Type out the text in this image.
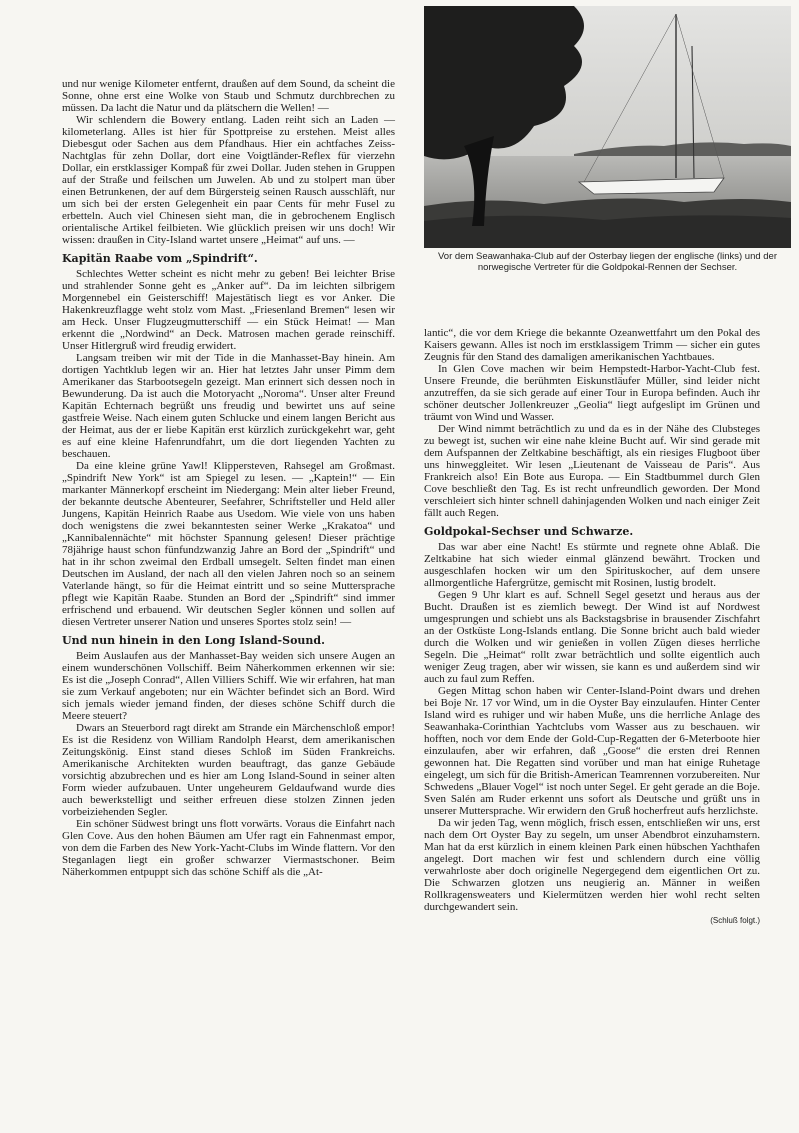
Vor dem Seawanhaka-Club auf der Osterbay liegen der englische (links) und der norwegische Vertreter für die Goldpokal-Rennen der Sechser.

und nur wenige Kilometer entfernt, draußen auf dem Sound, da scheint die Sonne, ohne erst eine Wolke von Staub und Schmutz durchbrechen zu müssen. Da lacht die Natur und da plätschern die Wellen! —

Wir schlendern die Bowery entlang. Laden reiht sich an Laden — kilometerlang. Alles ist hier für Spottpreise zu erstehen. Meist alles Diebesgut oder Sachen aus dem Pfandhaus. Hier ein achtfaches Zeiss-Nachtglas für zehn Dollar, dort eine Voigtländer-Reflex für vierzehn Dollar, ein erstklassiger Kompaß für zwei Dollar. Juden stehen in Gruppen auf der Straße und feilschen um Juwelen. Ab und zu stolpert man über einen Betrunkenen, der auf dem Bürgersteig seinen Rausch ausschläft, nur um sich bei der ersten Gelegenheit ein paar Cents für mehr Fusel zu erbetteln. Auch viel Chinesen sieht man, die in gebrochenem Englisch orientalische Artikel feilbieten. Wie glücklich preisen wir uns doch! Wir wissen: draußen in City-Island wartet unsere „Heimat“ auf uns. —

Kapitän Raabe vom „Spindrift“.

Schlechtes Wetter scheint es nicht mehr zu geben! Bei leichter Brise und strahlender Sonne geht es „Anker auf“. Da im leichten silbrigem Morgennebel ein Geisterschiff! Majestätisch liegt es vor Anker. Die Hakenkreuzflagge weht stolz vom Mast. „Friesenland Bremen“ lesen wir am Heck. Unser Flugzeugmutterschiff — ein Stück Heimat! — Man erkennt die „Nordwind“ an Deck. Matrosen machen gerade reinschiff. Unser Hitlergruß wird freudig erwidert.

Langsam treiben wir mit der Tide in die Manhasset-Bay hinein. Am dortigen Yachtklub legen wir an. Hier hat letztes Jahr unser Pimm dem Amerikaner das Starbootsegeln gezeigt. Man erinnert sich dessen noch in Bewunderung. Da ist auch die Motoryacht „Noroma“. Unser alter Freund Kapitän Echternach begrüßt uns freudig und bewirtet uns auf seine gastfreie Weise. Nach einem guten Schlucke und einem langen Bericht aus der Heimat, aus der er liebe Kapitän erst kürzlich zurückgekehrt war, geht es auf eine kleine Hafenrundfahrt, um die dort liegenden Yachten zu beschauen.

Da eine kleine grüne Yawl! Klippersteven, Rahsegel am Großmast. „Spindrift New York“ ist am Spiegel zu lesen. — „Kaptein!“ — Ein markanter Männerkopf erscheint im Niedergang: Mein alter lieber Freund, der bekannte deutsche Abenteurer, Seefahrer, Schriftsteller und Held aller Jungens, Kapitän Heinrich Raabe aus Usedom. Wie viele von uns haben doch wenigstens die zwei bekanntesten seiner Werke „Krakatoa“ und „Kannibalennächte“ mit höchster Spannung gelesen! Dieser prächtige 78jährige haust schon fünfundzwanzig Jahre an Bord der „Spindrift“ und hat in ihr schon zweimal den Erdball umsegelt. Selten findet man einen Deutschen im Ausland, der nach all den vielen Jahren noch so an seinem Vaterlande hängt, so für die Heimat eintritt und so seine Muttersprache pflegt wie Kapitän Raabe. Stunden an Bord der „Spindrift“ sind immer erfrischend und erbauend. Wir deutschen Segler können und sollen auf diesen Vertreter unserer Nation und unseres Sportes stolz sein! —

Und nun hinein in den Long Island-Sound.

Beim Auslaufen aus der Manhasset-Bay weiden sich unsere Augen an einem wunderschönen Vollschiff. Beim Näherkommen erkennen wir sie: Es ist die „Joseph Conrad“, Allen Villiers Schiff. Wie wir erfahren, hat man sie zum Verkauf angeboten; nur ein Wächter befindet sich an Bord. Wird sich jemals wieder jemand finden, der dieses schöne Schiff durch die Meere steuert?

Dwars an Steuerbord ragt direkt am Strande ein Märchenschloß empor! Es ist die Residenz von William Randolph Hearst, dem amerikanischen Zeitungskönig. Einst stand dieses Schloß im Süden Frankreichs. Amerikanische Architekten wurden beauftragt, das ganze Gebäude vorsichtig abzubrechen und es hier am Long Island-Sound in seiner alten Form wieder aufzubauen. Unter ungeheurem Geldaufwand wurde dies auch bewerkstelligt und seither erfreuen diese stolzen Zinnen jeden vorbeiziehenden Segler.

Ein schöner Südwest bringt uns flott vorwärts. Voraus die Einfahrt nach Glen Cove. Aus den hohen Bäumen am Ufer ragt ein Fahnenmast empor, von dem die Farben des New York-Yacht-Clubs im Winde flattern. Vor den Steganlagen liegt ein großer schwarzer Viermastschoner. Beim Näherkommen entpuppt sich das schöne Schiff als die „At-

lantic“, die vor dem Kriege die bekannte Ozeanwettfahrt um den Pokal des Kaisers gewann. Alles ist noch im erstklassigem Trimm — sicher ein gutes Zeugnis für den Stand des damaligen amerikanischen Yachtbaues.

In Glen Cove machen wir beim Hempstedt-Harbor-Yacht-Club fest. Unsere Freunde, die berühmten Eiskunstläufer Müller, sind leider nicht anzutreffen, da sie sich gerade auf einer Tour in Europa befinden. Auch ihr schöner deutscher Jollenkreuzer „Geolia“ liegt aufgeslipt im Grünen und träumt von Wind und Wasser.

Der Wind nimmt beträchtlich zu und da es in der Nähe des Clubsteges zu bewegt ist, suchen wir eine nahe kleine Bucht auf. Wir sind gerade mit dem Aufspannen der Zeltkabine beschäftigt, als ein riesiges Flugboot über uns hinweggleitet. Wir lesen „Lieutenant de Vaisseau de Paris“. Aus Frankreich also! Ein Bote aus Europa. — Ein Stadtbummel durch Glen Cove beschließt den Tag. Es ist recht unfreundlich geworden. Der Mond verschleiert sich hinter schnell dahinjagenden Wolken und nach einiger Zeit fällt auch Regen.

Goldpokal-Sechser und Schwarze.

Das war aber eine Nacht! Es stürmte und regnete ohne Ablaß. Die Zeltkabine hat sich wieder einmal glänzend bewährt. Trocken und ausgeschlafen hocken wir um den Spirituskocher, auf dem unsere allmorgentliche Hafergrütze, gemischt mit Rosinen, lustig brodelt.

Gegen 9 Uhr klart es auf. Schnell Segel gesetzt und heraus aus der Bucht. Draußen ist es ziemlich bewegt. Der Wind ist auf Nordwest umgesprungen und schiebt uns als Backstagsbrise in brausender Zischfahrt an der Ostküste Long-Islands entlang. Die Sonne bricht auch bald wieder durch die Wolken und wir genießen in vollen Zügen dieses herrliche Segeln. Die „Heimat“ rollt zwar beträchtlich und sollte eigentlich auch weniger Zeug tragen, aber wir wissen, sie kann es und außerdem sind wir auch zu faul zum Reffen.

Gegen Mittag schon haben wir Center-Island-Point dwars und drehen bei Boje Nr. 17 vor Wind, um in die Oyster Bay einzulaufen. Hinter Center Island wird es ruhiger und wir haben Muße, uns die herrliche Anlage des Seawanhaka-Corinthian Yachtclubs vom Wasser aus zu beschauen. wir hofften, noch vor dem Ende der Gold-Cup-Regatten der 6-Meterboote hier einzulaufen, aber wir erfahren, daß „Goose“ die ersten drei Rennen gewonnen hat. Die Regatten sind vorüber und man hat einige Ruhetage eingelegt, um sich für die British-American Teamrennen vorzubereiten. Nur Schwedens „Blauer Vogel“ ist noch unter Segel. Er geht gerade an die Boje. Sven Salén am Ruder erkennt uns sofort als Deutsche und grüßt uns in unserer Muttersprache. Wir erwidern den Gruß hocherfreut aufs herzlichste.

Da wir jeden Tag, wenn möglich, frisch essen, entschließen wir uns, erst nach dem Ort Oyster Bay zu segeln, um unser Abendbrot einzuhamstern. Man hat da erst kürzlich in einem kleinen Park einen hübschen Yachthafen angelegt. Dort machen wir fest und schlendern durch eine völlig verwahrloste aber doch originelle Negergegend dem eigentlichen Ort zu. Die Schwarzen glotzen uns neugierig an. Männer in weißen Rollkragensweaters und Kielermützen werden hier wohl recht selten durchgewandert sein.

(Schluß folgt.)
